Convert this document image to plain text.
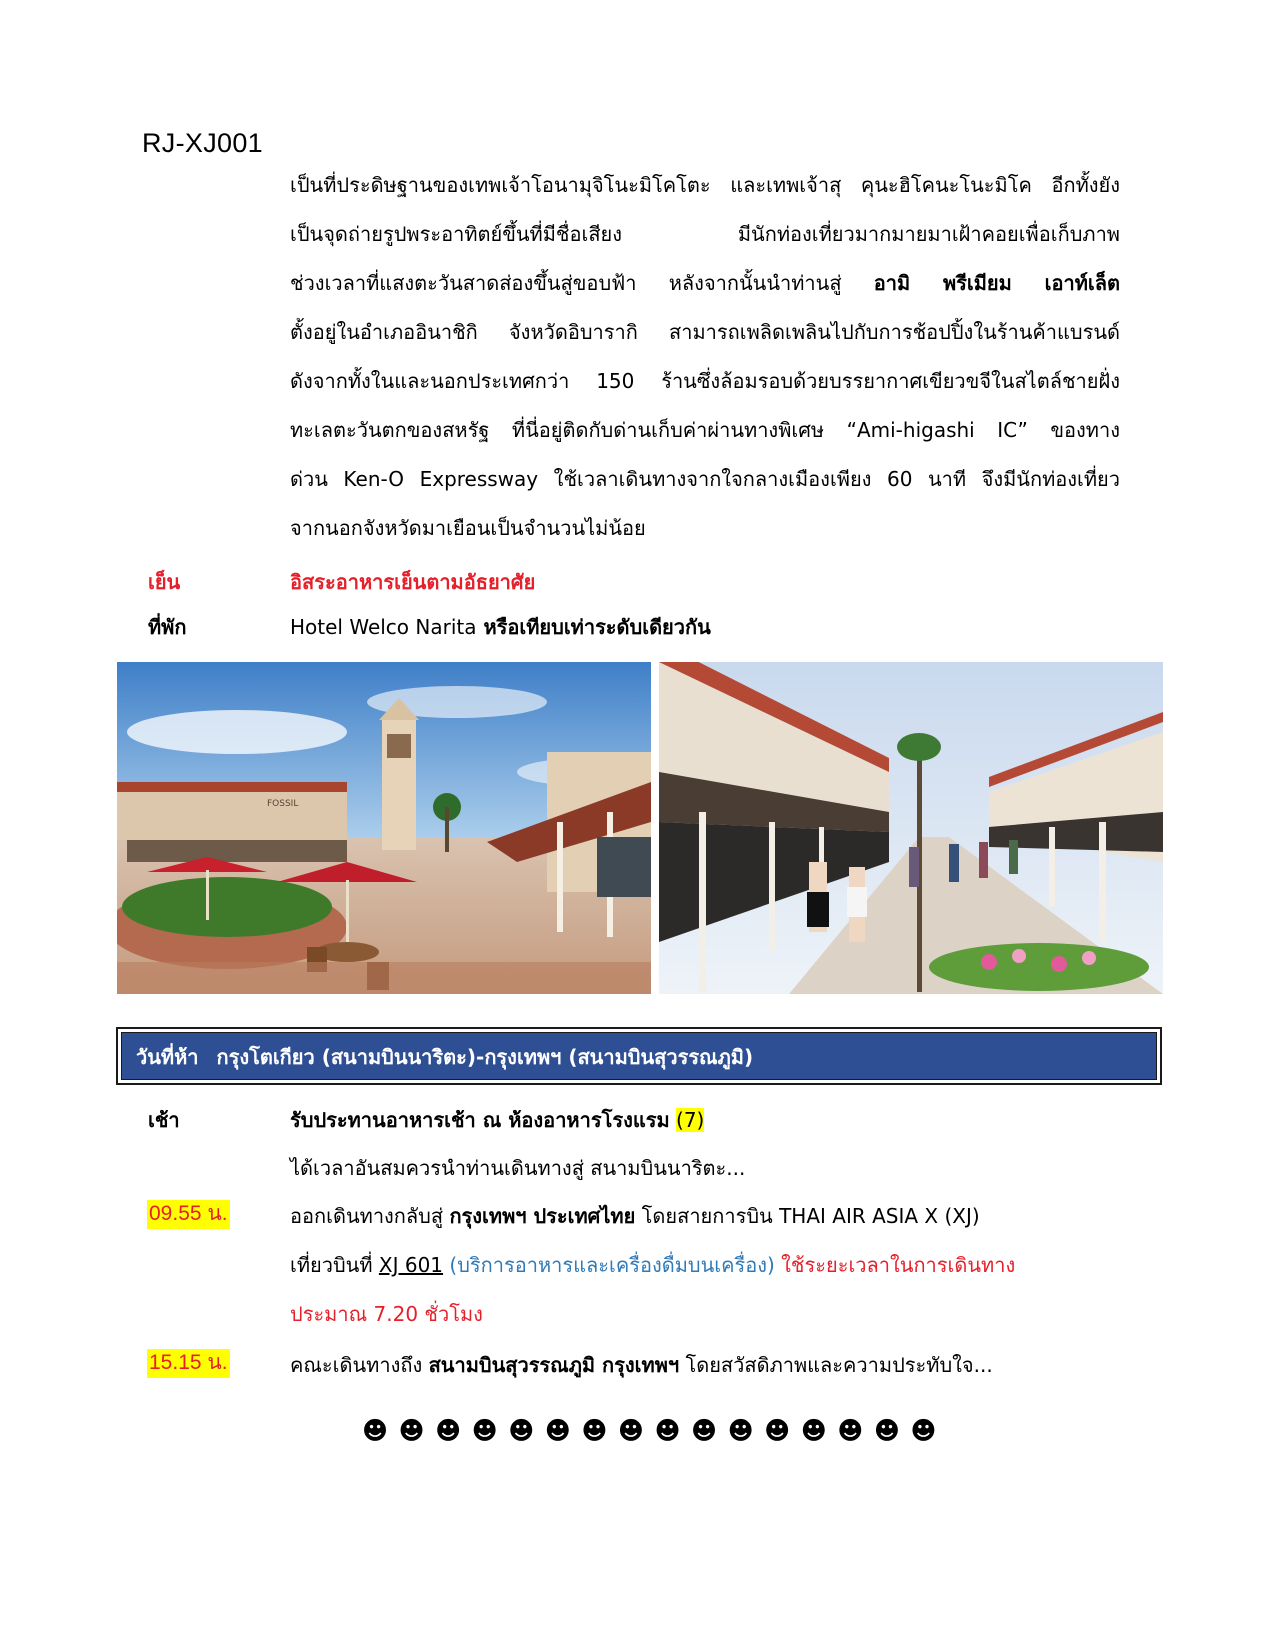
RJ-XJ001
เป็นที่ประดิษฐานของเทพเจ้าโอนามุจิโนะมิโคโตะ และเทพเจ้าสุ คุนะฮิโคนะโนะมิโค อีกทั้งยัง
เป็นจุดถ่ายรูปพระอาทิตย์ขึ้นที่มีชื่อเสียง มีนักท่องเที่ยวมากมายมาเฝ้าคอยเพื่อเก็บภาพ
ช่วงเวลาที่แสงตะวันสาดส่องขึ้นสู่ขอบฟ้า หลังจากนั้นนำท่านสู่ อามิ พรีเมียม เอาท์เล็ต
ตั้งอยู่ในอำเภออินาชิกิ จังหวัดอิบารากิ สามารถเพลิดเพลินไปกับการช้อปปิ้งในร้านค้าแบรนด์
ดังจากทั้งในและนอกประเทศกว่า 150 ร้านซึ่งล้อมรอบด้วยบรรยากาศเขียวขจีในสไตล์ชายฝั่ง
ทะเลตะวันตกของสหรัฐ ที่นี่อยู่ติดกับด่านเก็บค่าผ่านทางพิเศษ “Ami-higashi IC” ของทาง
ด่วน Ken-O Expressway ใช้เวลาเดินทางจากใจกลางเมืองเพียง 60 นาที จึงมีนักท่องเที่ยว
จากนอกจังหวัดมาเยือนเป็นจำนวนไม่น้อย
เย็น	อิสระอาหารเย็นตามอัธยาศัย
ที่พัก	Hotel Welco Narita หรือเทียบเท่าระดับเดียวกัน
FOSSIL
วันที่ห้า กรุงโตเกียว (สนามบินนาริตะ)-กรุงเทพฯ (สนามบินสุวรรณภูมิ)
เช้า	รับประทานอาหารเช้า ณ ห้องอาหารโรงแรม (7)
ได้เวลาอันสมควรนำท่านเดินทางสู่ สนามบินนาริตะ...
09.55 น.	ออกเดินทางกลับสู่ กรุงเทพฯ ประเทศไทย โดยสายการบิน THAI AIR ASIA X (XJ)
เที่ยวบินที่ XJ 601 (บริการอาหารและเครื่องดื่มบนเครื่อง) ใช้ระยะเวลาในการเดินทาง
ประมาณ 7.20 ชั่วโมง
15.15 น.	คณะเดินทางถึง สนามบินสุวรรณภูมิ กรุงเทพฯ โดยสวัสดิภาพและความประทับใจ...
☻☻☻☻☻☻☻☻☻☻☻☻☻☻☻☻
